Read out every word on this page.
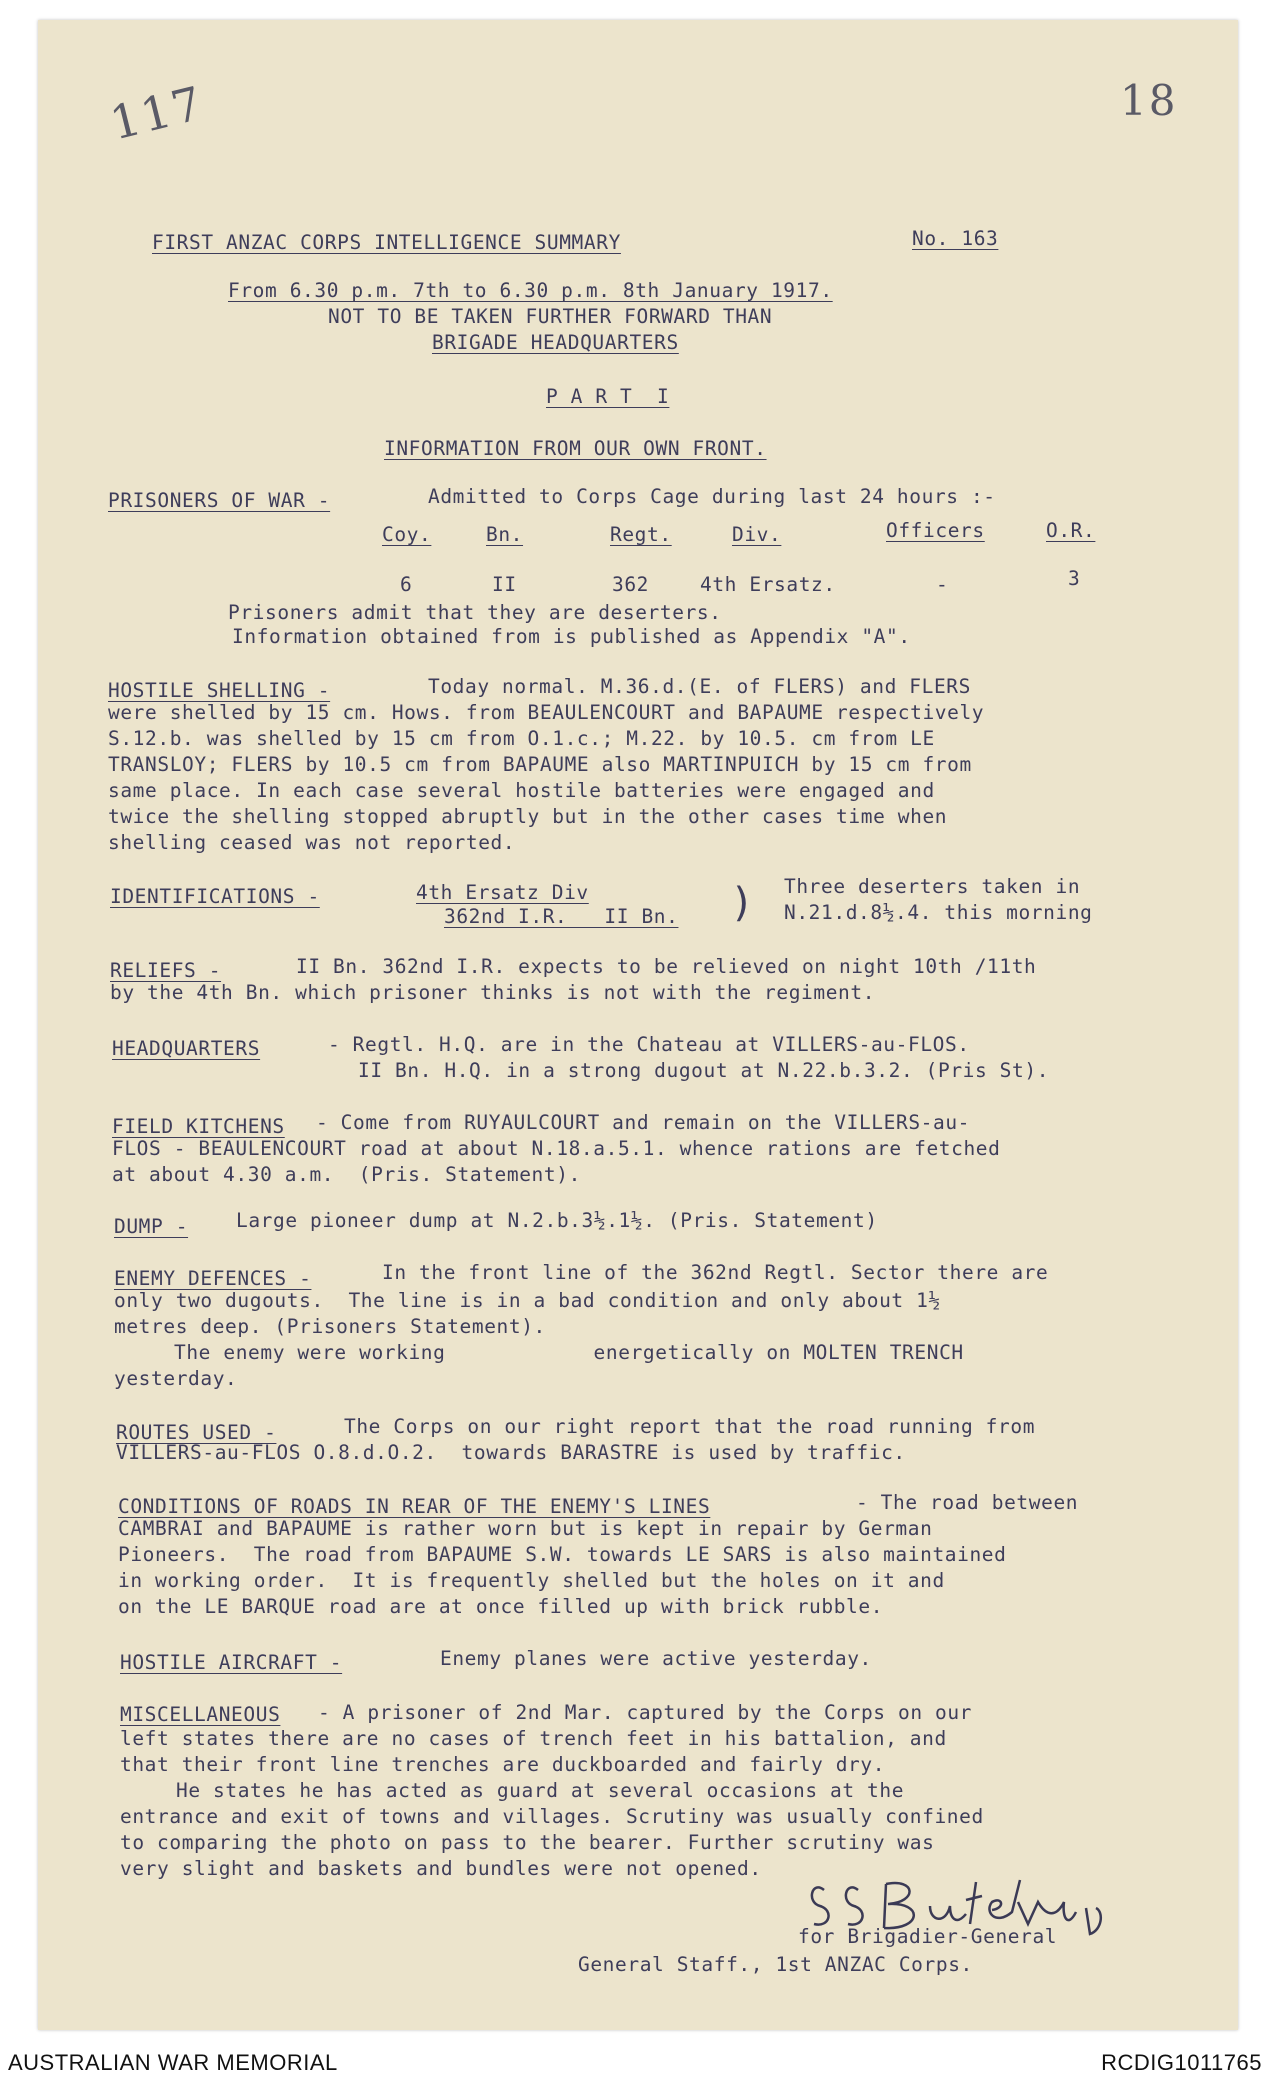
117	18
FIRST ANZAC CORPS INTELLIGENCE SUMMARY	No. 163
From 6.30 p.m. 7th to 6.30 p.m. 8th January 1917.
NOT TO BE TAKEN FURTHER FORWARD THAN
BRIGADE HEADQUARTERS
P A R T  I
INFORMATION FROM OUR OWN FRONT.
PRISONERS OF WAR -	Admitted to Corps Cage during last 24 hours :-
Coy.	Bn.	Regt.	Div.	Officers	O.R.
6	II	362	4th Ersatz.	-	3
Prisoners admit that they are deserters.
Information obtained from is published as Appendix "A".
HOSTILE SHELLING -	Today normal. M.36.d.(E. of FLERS) and FLERS
were shelled by 15 cm. Hows. from BEAULENCOURT and BAPAUME respectively
S.12.b. was shelled by 15 cm from O.1.c.; M.22. by 10.5. cm from LE
TRANSLOY; FLERS by 10.5 cm from BAPAUME also MARTINPUICH by 15 cm from
same place. In each case several hostile batteries were engaged and
twice the shelling stopped abruptly but in the other cases time when
shelling ceased was not reported.
IDENTIFICATIONS -	4th Ersatz Div
362nd I.R.   II Bn. ) Three deserters taken in
N.21.d.8½.4. this morning
RELIEFS -	II Bn. 362nd I.R. expects to be relieved on night 10th /11th
by the 4th Bn. which prisoner thinks is not with the regiment.
HEADQUARTERS	- Regtl. H.Q. are in the Chateau at VILLERS-au-FLOS.
II Bn. H.Q. in a strong dugout at N.22.b.3.2. (Pris St).
FIELD KITCHENS - Come from RUYAULCOURT and remain on the VILLERS-au-
FLOS - BEAULENCOURT road at about N.18.a.5.1. whence rations are fetched
at about 4.30 a.m.  (Pris. Statement).
DUMP - Large pioneer dump at N.2.b.3½.1½. (Pris. Statement)
ENEMY DEFENCES -	In the front line of the 362nd Regtl. Sector there are
only two dugouts.  The line is in a bad condition and only about 1½
metres deep. (Prisoners Statement).
The enemy were working            energetically on MOLTEN TRENCH
yesterday.
ROUTES USED -	The Corps on our right report that the road running from
VILLERS-au-FLOS O.8.d.O.2.  towards BARASTRE is used by traffic.
CONDITIONS OF ROADS IN REAR OF THE ENEMY'S LINES	- The road between
CAMBRAI and BAPAUME is rather worn but is kept in repair by German
Pioneers.  The road from BAPAUME S.W. towards LE SARS is also maintained
in working order.  It is frequently shelled but the holes on it and
on the LE BARQUE road are at once filled up with brick rubble.
HOSTILE AIRCRAFT -	Enemy planes were active yesterday.
MISCELLANEOUS - A prisoner of 2nd Mar. captured by the Corps on our
left states there are no cases of trench feet in his battalion, and
that their front line trenches are duckboarded and fairly dry.
He states he has acted as guard at several occasions at the
entrance and exit of towns and villages. Scrutiny was usually confined
to comparing the photo on pass to the bearer. Further scrutiny was
very slight and baskets and bundles were not opened.
for Brigadier-General
General Staff., 1st ANZAC Corps.
AUSTRALIAN WAR MEMORIAL	RCDIG1011765
